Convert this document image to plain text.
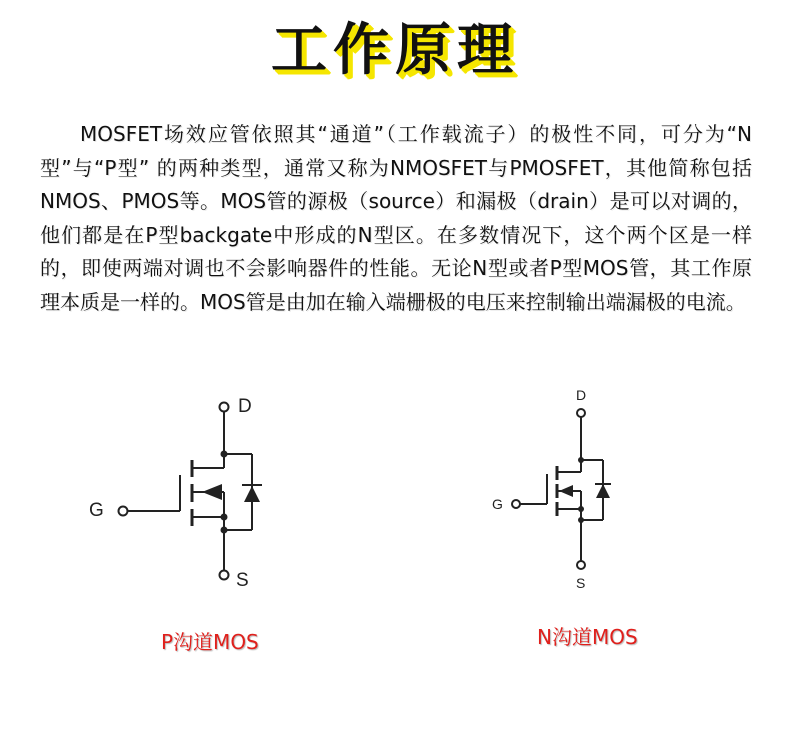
工作原理
MOSFET场效应管依照其“通道”（工作载流子）的极性不同，可分为“N型”与“P型” 的两种类型，通常又称为NMOSFET与PMOSFET，其他简称包括NMOS、PMOS等。MOS管的源极（source）和漏极（drain）是可以对调的，他们都是在P型backgate中形成的N型区。在多数情况下，这个两个区是一样的，即使两端对调也不会影响器件的性能。无论N型或者P型MOS管，其工作原理本质是一样的。MOS管是由加在输入端栅极的电压来控制输出端漏极的电流。
D
G
S
D
G
S
P沟道MOS	N沟道MOS
